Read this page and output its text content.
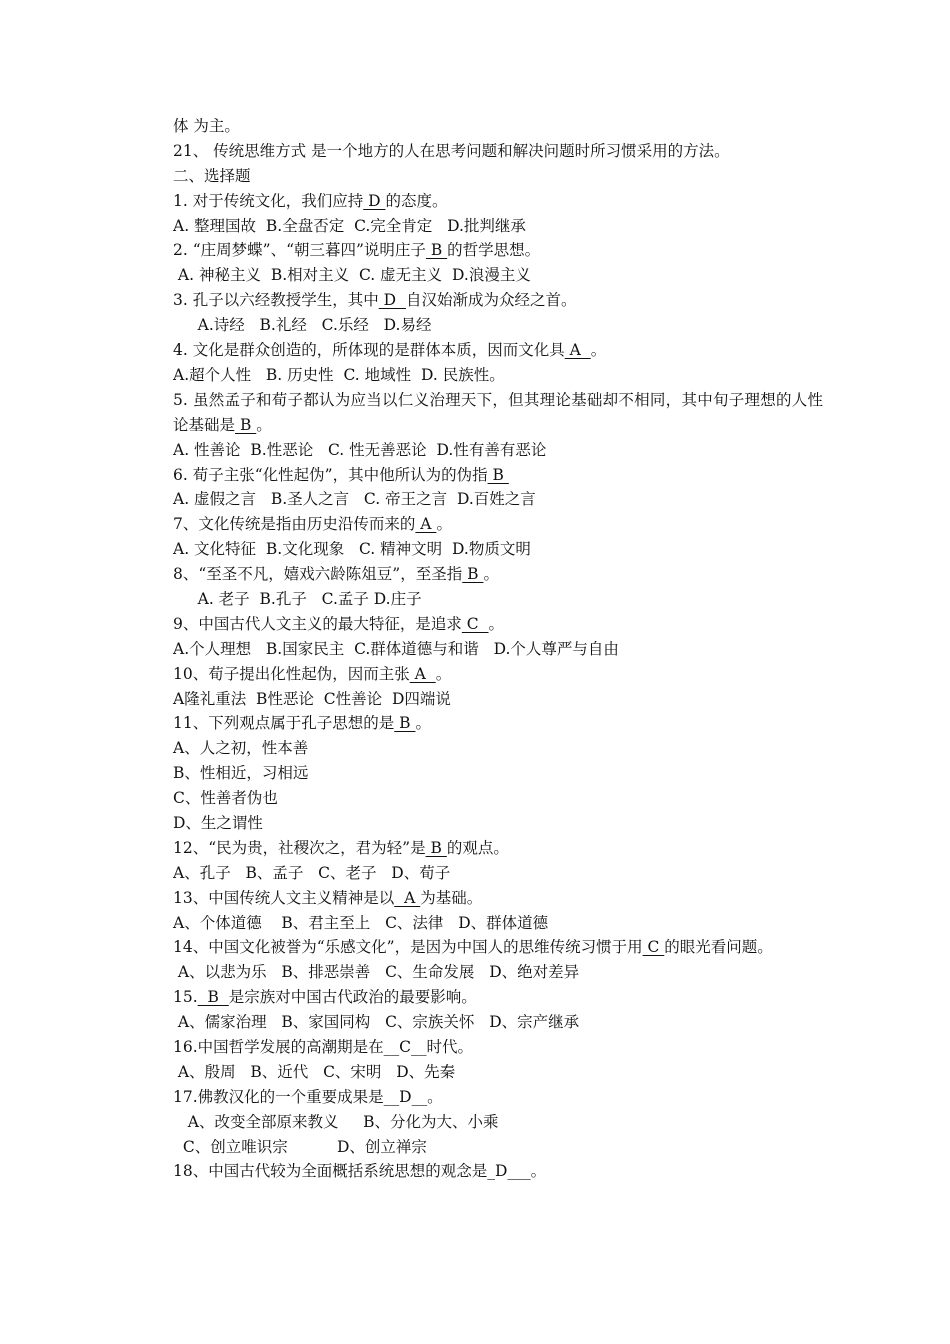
体 为主。
21、 传统思维方式 是一个地方的人在思考问题和解决问题时所习惯采用的方法。
二、选择题
1. 对于传统文化，我们应持 D 的态度。
A. 整理国故  B.全盘否定  C.完全肯定   D.批判继承
2. “庄周梦蝶”、“朝三暮四”说明庄子 B 的哲学思想。
A. 神秘主义  B.相对主义  C. 虚无主义  D.浪漫主义
3. 孔子以六经教授学生，其中 D  自汉始渐成为众经之首。
A.诗经   B.礼经   C.乐经   D.易经
4. 文化是群众创造的，所体现的是群体本质，因而文化具 A  。
A.超个人性   B. 历史性  C. 地域性  D. 民族性。
5. 虽然孟子和荀子都认为应当以仁义治理天下，但其理论基础却不相同，其中旬子理想的人性论基础是 B 。
A. 性善论  B.性恶论   C. 性无善恶论  D.性有善有恶论
6. 荀子主张“化性起伪”，其中他所认为的伪指 B
A. 虚假之言   B.圣人之言   C. 帝王之言  D.百姓之言
7、文化传统是指由历史沿传而来的 A 。
A. 文化特征  B.文化现象   C. 精神文明  D.物质文明
8、“至圣不凡，嬉戏六龄陈俎豆”，至圣指 B 。
A. 老子  B.孔子   C.孟子 D.庄子
9、中国古代人文主义的最大特征，是追求 C  。
A.个人理想   B.国家民主  C.群体道德与和谐   D.个人尊严与自由
10、荀子提出化性起伪，因而主张 A  。
A隆礼重法  B性恶论  C性善论  D四端说
11、下列观点属于孔子思想的是 B 。
A、人之初，性本善
B、性相近，习相远
C、性善者伪也
D、生之谓性
12、“民为贵，社稷次之，君为轻”是 B 的观点。
A、孔子   B、孟子   C、老子   D、荀子
13、中国传统人文主义精神是以  A 为基础。
A、个体道德    B、君主至上   C、法律   D、群体道德
14、中国文化被誉为“乐感文化”，是因为中国人的思维传统习惯于用 C 的眼光看问题。
A、以悲为乐   B、排恶崇善   C、生命发展   D、绝对差异
15.  B  是宗族对中国古代政治的最要影响。
A、儒家治理   B、家国同构   C、宗族关怀   D、宗产继承
16.中国哲学发展的高潮期是在__C__时代。
A、殷周   B、近代   C、宋明   D、先秦
17.佛教汉化的一个重要成果是__D__。
A、改变全部原来教义     B、分化为大、小乘
C、创立唯识宗          D、创立禅宗
18、中国古代较为全面概括系统思想的观念是_D___。
